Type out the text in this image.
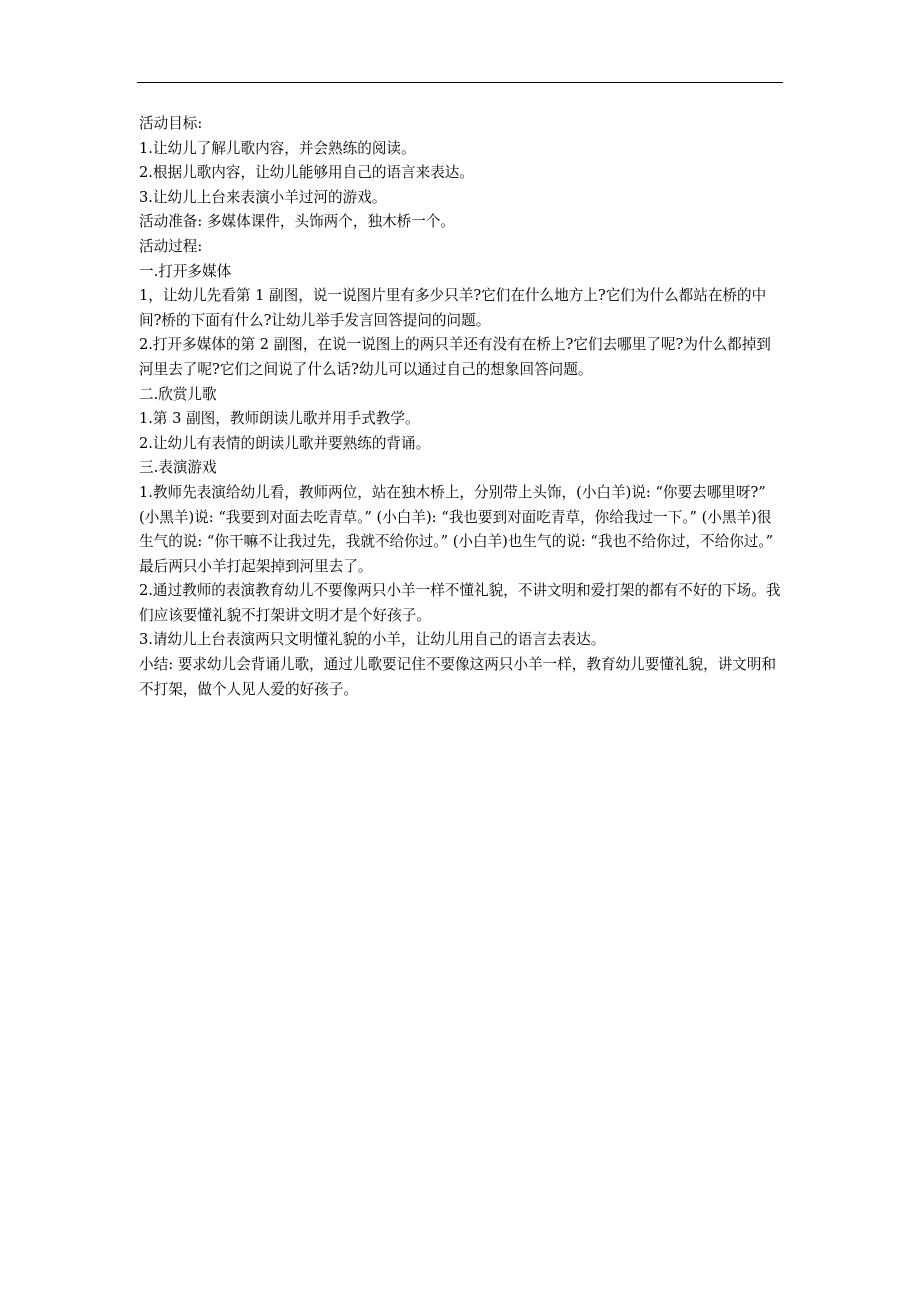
活动目标:

1.让幼儿了解儿歌内容，并会熟练的阅读。

2.根据儿歌内容，让幼儿能够用自己的语言来表达。

3.让幼儿上台来表演小羊过河的游戏。

活动准备: 多媒体课件，头饰两个，独木桥一个。

活动过程:

一.打开多媒体

1，让幼儿先看第 1 副图，说一说图片里有多少只羊?它们在什么地方上?它们为什么都站在桥的中间?桥的下面有什么?让幼儿举手发言回答提问的问题。

2.打开多媒体的第 2 副图，在说一说图上的两只羊还有没有在桥上?它们去哪里了呢?为什么都掉到河里去了呢?它们之间说了什么话?幼儿可以通过自己的想象回答问题。

二.欣赏儿歌

1.第 3 副图，教师朗读儿歌并用手式教学。

2.让幼儿有表情的朗读儿歌并要熟练的背诵。

三.表演游戏

1.教师先表演给幼儿看，教师两位，站在独木桥上，分别带上头饰，(小白羊)说: “你要去哪里呀?” (小黑羊)说: “我要到对面去吃青草。” (小白羊): “我也要到对面吃青草，你给我过一下。” (小黑羊)很生气的说: “你干嘛不让我过先，我就不给你过。” (小白羊)也生气的说: “我也不给你过，不给你过。” 最后两只小羊打起架掉到河里去了。

2.通过教师的表演教育幼儿不要像两只小羊一样不懂礼貌，不讲文明和爱打架的都有不好的下场。我们应该要懂礼貌不打架讲文明才是个好孩子。

3.请幼儿上台表演两只文明懂礼貌的小羊，让幼儿用自己的语言去表达。

小结: 要求幼儿会背诵儿歌，通过儿歌要记住不要像这两只小羊一样，教育幼儿要懂礼貌，讲文明和不打架，做个人见人爱的好孩子。
